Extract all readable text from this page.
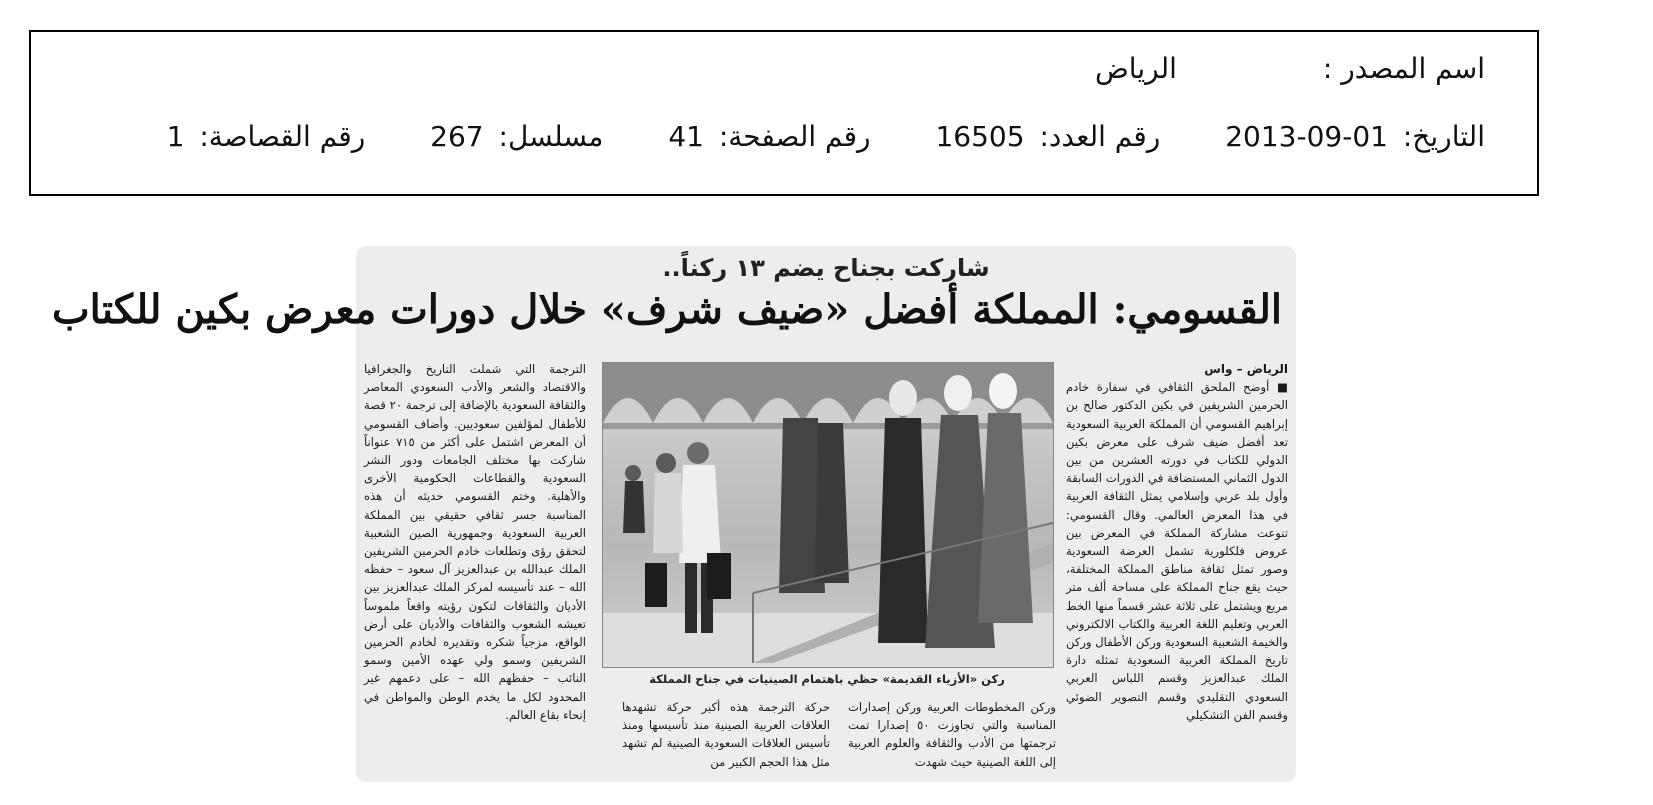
اسم المصدر :الرياض
التاريخ: 2013-09-01 رقم العدد: 16505 رقم الصفحة: 41 مسلسل: 267 رقم القصاصة: 1
شاركت بجناح يضم ١٣ ركناً..
القسومي: المملكة أفضل «ضيف شرف» خلال دورات معرض بكين للكتاب

الرياض – واس

■ أوضح الملحق الثقافي في سفارة خادم الحرمين الشريفين في بكين الدكتور صالح بن إبراهيم القسومي أن المملكة العربية السعودية تعد أفضل ضيف شرف على معرض بكين الدولي للكتاب في دورته العشرين من بين الدول الثماني المستضافة في الدورات السابقة وأول بلد عربي وإسلامي يمثل الثقافة العربية في هذا المعرض العالمي. وقال القسومي: تنوعت مشاركة المملكة في المعرض بين عروض فلكلورية تشمل العرضة السعودية وصور تمثل ثقافة مناطق المملكة المختلفة، حيث يقع جناح المملكة على مساحة ألف متر مربع ويشتمل على ثلاثة عشر قسماً منها الخط العربي وتعليم اللغة العربية والكتاب الالكتروني والخيمة الشعبية السعودية وركن الأطفال وركن تاريخ المملكة العربية السعودية تمثله دارة الملك عبدالعزيز وقسم اللباس العربي السعودي التقليدي وقسم التصوير الضوئي وقسم الفن التشكيلي

ركن «الأزياء القديمة» حظي باهتمام الصينيات في جناح المملكة
وركن المخطوطات العربية وركن إصدارات المناسبة والتي تجاوزت ٥٠ إصدارا تمت ترجمتها من الأدب والثقافة والعلوم العربية إلى اللغة الصينية حيث شهدت
حركة الترجمة هذه أكبر حركة تشهدها العلاقات العربية الصينية منذ تأسيسها ومنذ تأسيس العلاقات السعودية الصينية لم تشهد مثل هذا الحجم الكبير من
الترجمة التي شملت التاريخ والجغرافيا والاقتصاد والشعر والأدب السعودي المعاصر والثقافة السعودية بالإضافة إلى ترجمة ٢٠ قصة للأطفال لمؤلفين سعوديين. وأضاف القسومي أن المعرض اشتمل على أكثر من ٧١٥ عنواناً شاركت بها مختلف الجامعات ودور النشر السعودية والقطاعات الحكومية الأخرى والأهلية. وختم القسومي حديثه أن هذه المناسبة جسر ثقافي حقيقي بين المملكة العربية السعودية وجمهورية الصين الشعبية لتحقق رؤى وتطلعات خادم الحرمين الشريفين الملك عبدالله بن عبدالعزيز آل سعود – حفظه الله – عند تأسيسه لمركز الملك عبدالعزيز بين الأديان والثقافات لتكون رؤيته واقعاً ملموساً تعيشه الشعوب والثقافات والأديان على أرض الواقع، مزجياً شكره وتقديره لخادم الحرمين الشريفين وسمو ولي عهده الأمين وسمو النائب – حفظهم الله – على دعمهم غير المحدود لكل ما يخدم الوطن والمواطن في إنحاء بقاع العالم.
